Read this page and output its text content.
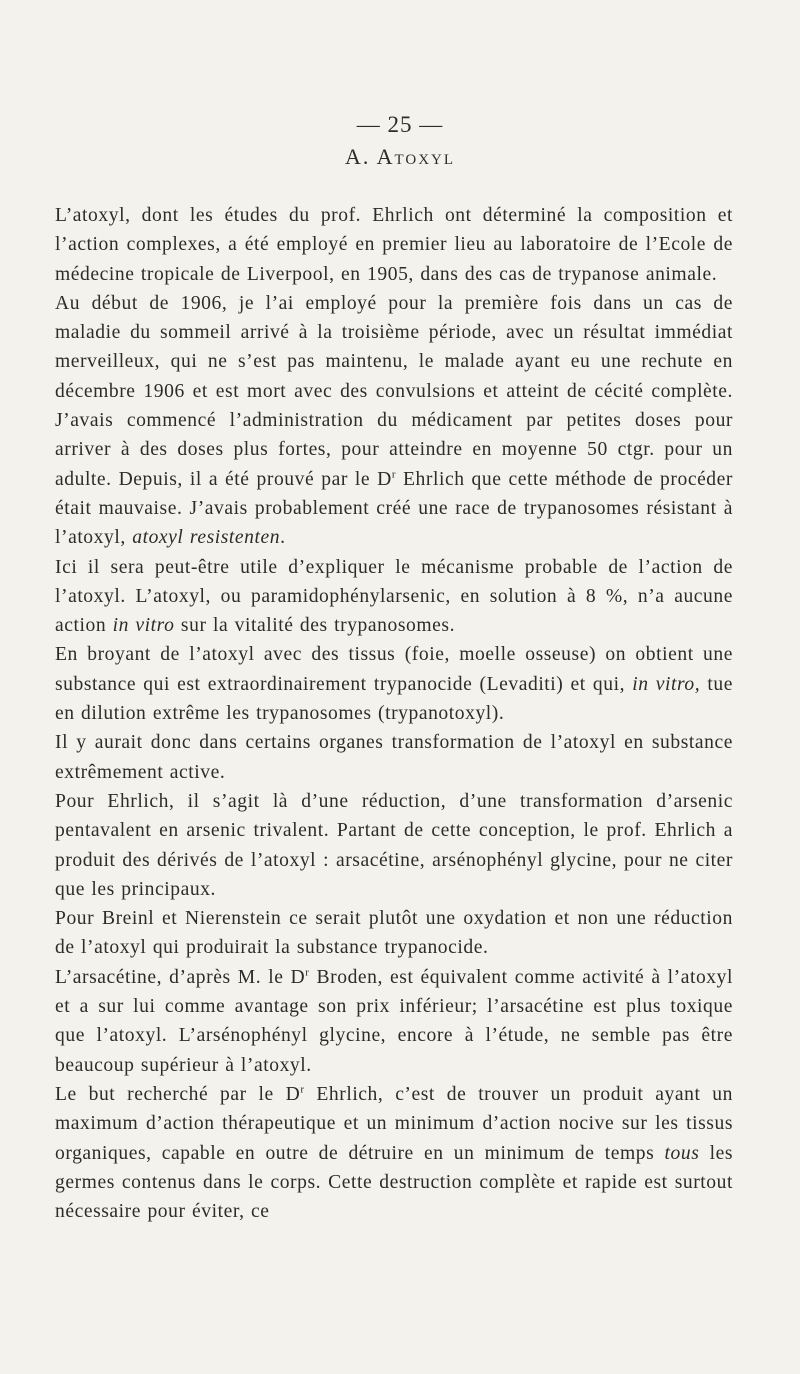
— 25 —
A. Atoxyl

L’atoxyl, dont les études du prof. Ehrlich ont déterminé la composition et l’action complexes, a été employé en premier lieu au laboratoire de l’Ecole de médecine tropicale de Liverpool, en 1905, dans des cas de trypanose animale.

Au début de 1906, je l’ai employé pour la première fois dans un cas de maladie du sommeil arrivé à la troisième période, avec un résultat immédiat merveilleux, qui ne s’est pas maintenu, le malade ayant eu une rechute en décembre 1906 et est mort avec des convulsions et atteint de cécité complète. J’avais commencé l’administration du médicament par petites doses pour arriver à des doses plus fortes, pour atteindre en moyenne 50 ctgr. pour un adulte. Depuis, il a été prouvé par le $D^r$ Ehrlich que cette méthode de procéder était mauvaise. J’avais probablement créé une race de trypanosomes résistant à l’atoxyl, atoxyl resistenten.

Ici il sera peut-être utile d’expliquer le mécanisme probable de l’action de l’atoxyl. L’atoxyl, ou paramidophénylarsenic, en solution à 8 %, n’a aucune action in vitro sur la vitalité des trypanosomes.

En broyant de l’atoxyl avec des tissus (foie, moelle osseuse) on obtient une substance qui est extraordinairement trypanocide (Levaditi) et qui, in vitro, tue en dilution extrême les trypanosomes (trypanotoxyl).

Il y aurait donc dans certains organes transformation de l’atoxyl en substance extrêmement active.

Pour Ehrlich, il s’agit là d’une réduction, d’une transformation d’arsenic pentavalent en arsenic trivalent. Partant de cette conception, le prof. Ehrlich a produit des dérivés de l’atoxyl : arsacétine, arsénophényl glycine, pour ne citer que les principaux.

Pour Breinl et Nierenstein ce serait plutôt une oxydation et non une réduction de l’atoxyl qui produirait la substance trypanocide.

L’arsacétine, d’après M. le $D^r$ Broden, est équivalent comme activité à l’atoxyl et a sur lui comme avantage son prix inférieur; l’arsacétine est plus toxique que l’atoxyl. L’arsénophényl glycine, encore à l’étude, ne semble pas être beaucoup supérieur à l’atoxyl.

Le but recherché par le $D^r$ Ehrlich, c’est de trouver un produit ayant un maximum d’action thérapeutique et un minimum d’action nocive sur les tissus organiques, capable en outre de détruire en un minimum de temps tous les germes contenus dans le corps. Cette destruction complète et rapide est surtout nécessaire pour éviter, ce
